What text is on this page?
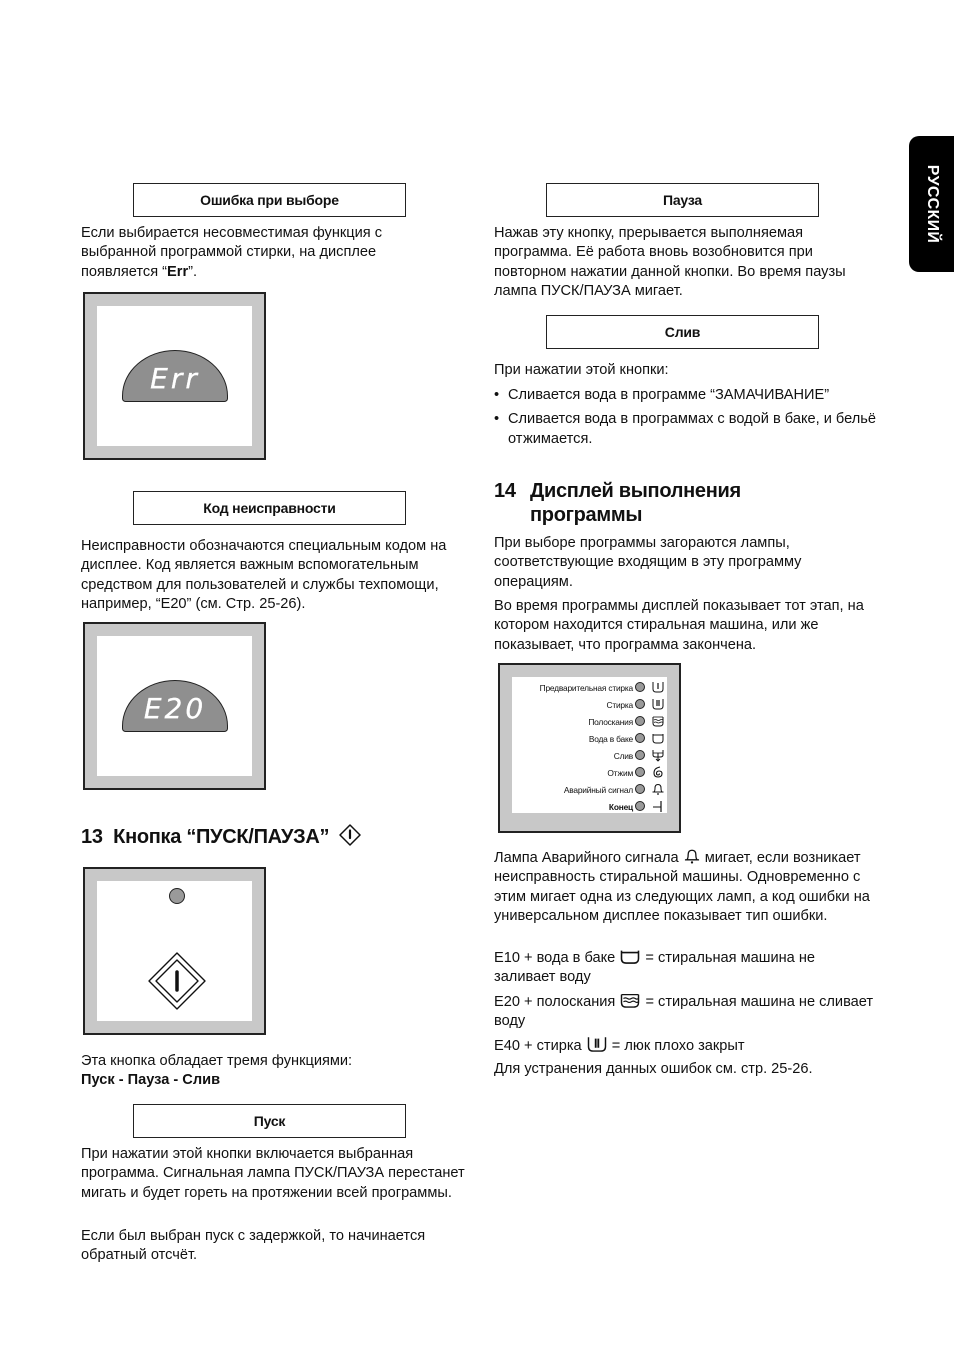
РУССКИЙ
Ошибка при выборе

Если выбирается несовместимая функция с выбранной программой стирки, на дисплее появляется “Err”.

Err
Код неисправности

Неисправности обозначаются специальным кодом на дисплее. Код является важным вспомогательным средством для пользователей и службы техпомощи, например, “E20” (см. Стр. 25-26).

E20
13 Кнопка “ПУСК/ПАУЗА”

Эта кнопка обладает тремя функциями:

Пуск - Пауза - Слив

Пуск

При нажатии этой кнопки включается выбранная программа. Сигнальная лампа ПУСК/ПАУЗА перестанет мигать и будет гореть на протяжении всей программы.

Если был выбран пуск с задержкой, то начинается обратный отсчёт.

Пауза

Нажав эту кнопку, прерывается выполняемая программа. Её работа вновь возобновится при повторном нажатии данной кнопки. Во время паузы лампа ПУСК/ПАУЗА мигает.

Слив

При нажатии этой кнопки:

• Сливается вода в программе “ЗАМАЧИВАНИЕ”
• Сливается вода в программах с водой в баке, и бельё отжимается.
14 Дисплей выполнения
программы

При выборе программы загораются лампы, соответствующие входящим в эту программу операциям.

Во время программы дисплей показывает тот этап, на котором находится стиральная машина, или же показывает, что программа закончена.

Предварительная стирка
Стирка
Полоскания
Вода в баке
Слив
Отжим
Аварийный сигнал
Конец

Лампа Аварийного сигнала мигает, если возникает неисправность стиральной машины. Одновременно с этим мигает одна из следующих ламп, а код ошибки на универсальном дисплее показывает тип ошибки.

E10 + вода в баке = стиральная машина не заливает воду

E20 + полоскания = стиральная машина не сливает воду

E40 + стирка = люк плохо закрыт

Для устранения данных ошибок см. стр. 25-26.
